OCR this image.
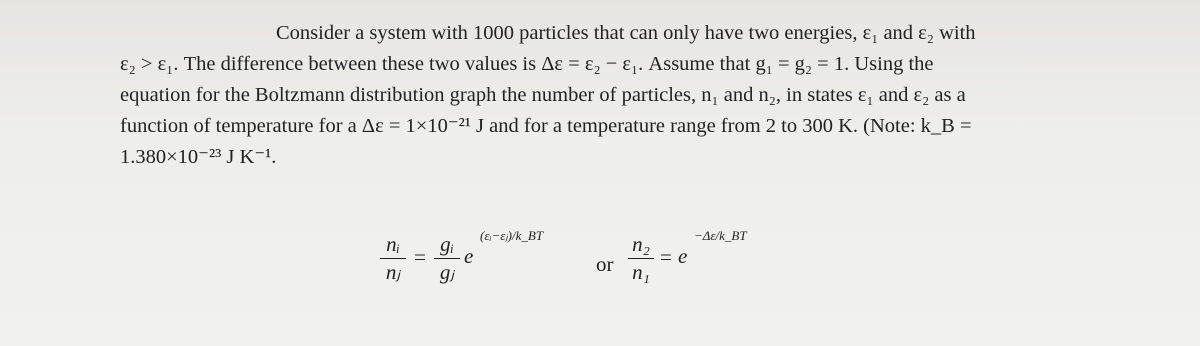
Consider a system with 1000 particles that can only have two energies, ε₁ and ε₂ with
ε₂ > ε₁. The difference between these two values is Δε = ε₂ − ε₁. Assume that g₁ = g₂ = 1. Using the
equation for the Boltzmann distribution graph the number of particles, n₁ and n₂, in states ε₁ and ε₂ as a
function of temperature for a Δε = 1×10⁻²¹ J and for a temperature range from 2 to 300 K. (Note: k_B =
1.380×10⁻²³ J K⁻¹.
nᵢ
nⱼ
=
gᵢ
gⱼ
e
(εᵢ−εⱼ)/k_BT
or
n₂
n₁
= e
−Δε/k_BT
